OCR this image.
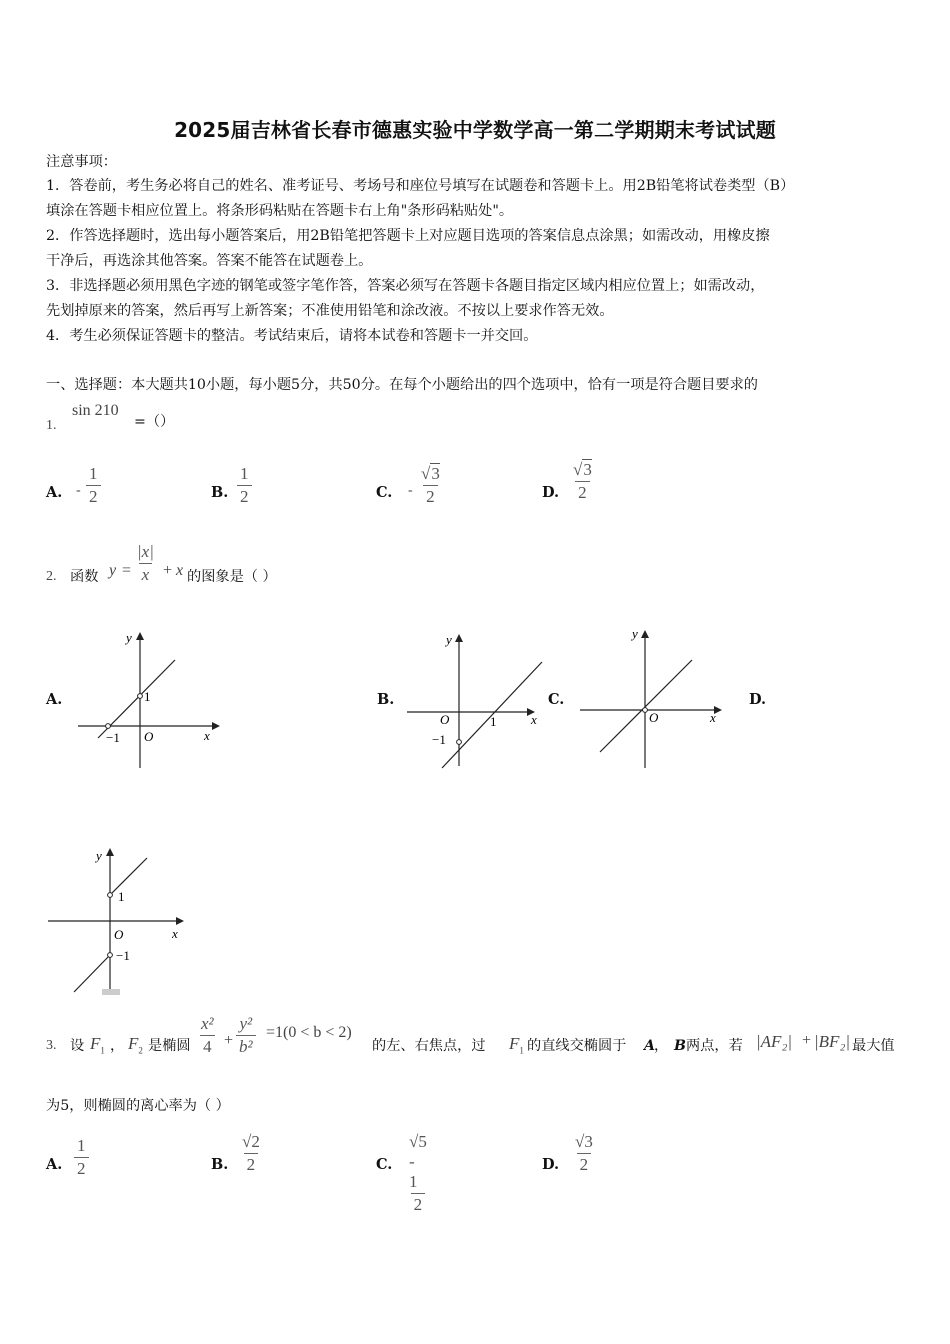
2025届吉林省长春市德惠实验中学数学高一第二学期期末考试试题
注意事项：
1．答卷前，考生务必将自己的姓名、准考证号、考场号和座位号填写在试题卷和答题卡上。用2B铅笔将试卷类型（B）
填涂在答题卡相应位置上。将条形码粘贴在答题卡右上角"条形码粘贴处"。
2．作答选择题时，选出每小题答案后，用2B铅笔把答题卡上对应题目选项的答案信息点涂黑；如需改动，用橡皮擦
干净后，再选涂其他答案。答案不能答在试题卷上。
3．非选择题必须用黑色字迹的钢笔或签字笔作答，答案必须写在答题卡各题目指定区域内相应位置上；如需改动，
先划掉原来的答案，然后再写上新答案；不准使用铅笔和涂改液。不按以上要求作答无效。
4．考生必须保证答题卡的整洁。考试结束后，请将本试卷和答题卡一并交回。
一、选择题：本大题共10小题，每小题5分，共50分。在每个小题给出的四个选项中，恰有一项是符合题目要求的
1.
sin 210
=（）
A. - $\frac{1}{2}$	B. $\frac{1}{2}$	C. - $\frac{√3}{2}$	D. $\frac{√3}{2}$
2. 函数 $y = \frac{|x|}{x} + x$ 的图象是（ ）
A.	B.	C.	D.
y
x
O
1
−1
y
x
O	1
−1
y
x
O
y
x
O
1
−1
3. 设 $F_1$ ， $F_2$ 是椭圆 $\frac{\text{x²}}{4} + \frac{\text{y²}}{\text{b²}} =1(0 < b < 2)$
的左、右焦点，过 $F_1$ 的直线交椭圆于 A
， B 两点，若 |AF₂| + |BF₂| 最大值
为5，则椭圆的离心率为（ ）
A. $\frac{1}{2}$	B. $\frac{√2}{2}$	C. $\frac{√5 - 1}{2}$	D. $\frac{√3}{2}$
